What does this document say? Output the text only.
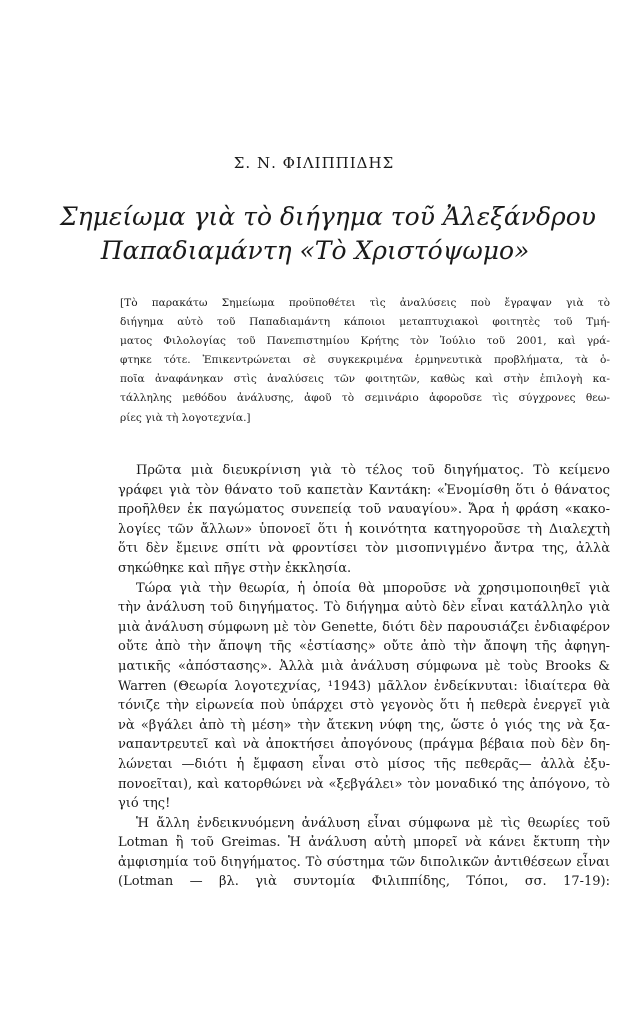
Σ. Ν. ΦΙΛΙΠΠΙΔΗΣ
Σημείωμα γιὰ τὸ διήγημα τοῦ Ἀλεξάνδρου
Παπαδιαμάντη «Τὸ Χριστόψωμο»
[Τὸ παρακάτω Σημείωμα προϋποθέτει τὶς ἀναλύσεις ποὺ ἔγραψαν γιὰ τὸ
διήγημα αὐτὸ τοῦ Παπαδιαμάντη κάποιοι μεταπτυχιακοὶ φοιτητὲς τοῦ Τμή-
ματος Φιλολογίας τοῦ Πανεπιστημίου Κρήτης τὸν Ἰούλιο τοῦ 2001, καὶ γρά-
φτηκε τότε. Ἐπικεντρώνεται σὲ συγκεκριμένα ἑρμηνευτικὰ προβλήματα, τὰ ὁ-
ποῖα ἀναφάνηκαν στὶς ἀναλύσεις τῶν φοιτητῶν, καθὼς καὶ στὴν ἐπιλογὴ κα-
τάλληλης μεθόδου ἀνάλυσης, ἀφοῦ τὸ σεμινάριο ἀφοροῦσε τὶς σύγχρονες θεω-
ρίες γιὰ τὴ λογοτεχνία.]
Πρῶτα μιὰ διευκρίνιση γιὰ τὸ τέλος τοῦ διηγήματος. Τὸ κείμενο
γράφει γιὰ τὸν θάνατο τοῦ καπετὰν Καντάκη: «Ἐνομίσθη ὅτι ὁ θάνατος
προῆλθεν ἐκ παγώματος συνεπείᾳ τοῦ ναυαγίου». Ἄρα ἡ φράση «κακο-
λογίες τῶν ἄλλων» ὑπονοεῖ ὅτι ἡ κοινότητα κατηγοροῦσε τὴ Διαλεχτὴ
ὅτι δὲν ἔμεινε σπίτι νὰ φροντίσει τὸν μισοπνιγμένο ἄντρα της, ἀλλὰ
σηκώθηκε καὶ πῆγε στὴν ἐκκλησία.
Τώρα γιὰ τὴν θεωρία, ἡ ὁποία θὰ μποροῦσε νὰ χρησιμοποιηθεῖ γιὰ
τὴν ἀνάλυση τοῦ διηγήματος. Τὸ διήγημα αὐτὸ δὲν εἶναι κατάλληλο γιὰ
μιὰ ἀνάλυση σύμφωνη μὲ τὸν Genette, διότι δὲν παρουσιάζει ἐνδιαφέρον
οὔτε ἀπὸ τὴν ἄποψη τῆς «ἑστίασης» οὔτε ἀπὸ τὴν ἄποψη τῆς ἀφηγη-
ματικῆς «ἀπόστασης». Ἀλλὰ μιὰ ἀνάλυση σύμφωνα μὲ τοὺς Brooks &
Warren (Θεωρία λογοτεχνίας, ¹1943) μᾶλλον ἐνδείκνυται: ἰδιαίτερα θὰ
τόνιζε τὴν εἰρωνεία ποὺ ὑπάρχει στὸ γεγονὸς ὅτι ἡ πεθερὰ ἐνεργεῖ γιὰ
νὰ «βγάλει ἀπὸ τὴ μέση» τὴν ἄτεκνη νύφη της, ὥστε ὁ γιός της νὰ ξα-
ναπαντρευτεῖ καὶ νὰ ἀποκτήσει ἀπογόνους (πράγμα βέβαια ποὺ δὲν δη-
λώνεται —διότι ἡ ἔμφαση εἶναι στὸ μίσος τῆς πεθερᾶς— ἀλλὰ ἐξυ-
πονοεῖται), καὶ κατορθώνει νὰ «ξεβγάλει» τὸν μοναδικό της ἀπόγονο, τὸ
γιό της!
Ἡ ἄλλη ἐνδεικνυόμενη ἀνάλυση εἶναι σύμφωνα μὲ τὶς θεωρίες τοῦ
Lotman ἢ τοῦ Greimas. Ἡ ἀνάλυση αὐτὴ μπορεῖ νὰ κάνει ἔκτυπη τὴν
ἀμφισημία τοῦ διηγήματος. Τὸ σύστημα τῶν διπολικῶν ἀντιθέσεων εἶναι
(Lotman — βλ. γιὰ συντομία Φιλιππίδης, Τόποι, σσ. 17-19):
